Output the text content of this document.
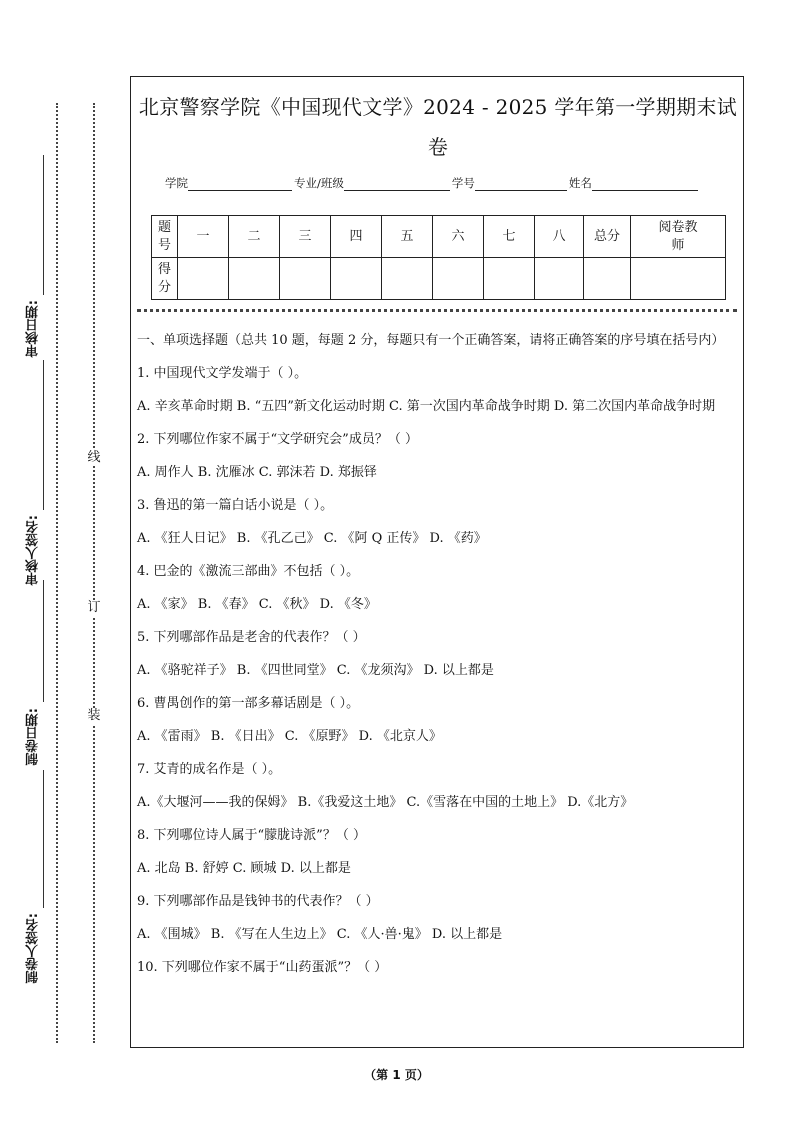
审核日期:
审核人签名:
制卷日期:
制卷人签名:
线
订
装
北京警察学院《中国现代文学》2024 - 2025 学年第一学期期末试卷
学院	专业/班级	学号	姓名
题号	一	二	三	四	五	六	七	八	总分	阅卷教师
得分										

一、单项选择题（总共 10 题，每题 2 分，每题只有一个正确答案，请将正确答案的序号填在括号内）

1. 中国现代文学发端于（ ）。

A. 辛亥革命时期 B. “五四”新文化运动时期 C. 第一次国内革命战争时期 D. 第二次国内革命战争时期

2. 下列哪位作家不属于“文学研究会”成员？（ ）

A. 周作人 B. 沈雁冰 C. 郭沫若 D. 郑振铎

3. 鲁迅的第一篇白话小说是（ ）。

A. 《狂人日记》 B. 《孔乙己》 C. 《阿 Q 正传》 D. 《药》

4. 巴金的《激流三部曲》不包括（ ）。

A. 《家》 B. 《春》 C. 《秋》 D. 《冬》

5. 下列哪部作品是老舍的代表作？（ ）

A. 《骆驼祥子》 B. 《四世同堂》 C. 《龙须沟》 D. 以上都是

6. 曹禺创作的第一部多幕话剧是（ ）。

A. 《雷雨》 B. 《日出》 C. 《原野》 D. 《北京人》

7. 艾青的成名作是（ ）。

A.《大堰河——我的保姆》 B.《我爱这土地》 C.《雪落在中国的土地上》 D.《北方》

8. 下列哪位诗人属于“朦胧诗派”？（ ）

A. 北岛 B. 舒婷 C. 顾城 D. 以上都是

9. 下列哪部作品是钱钟书的代表作？（ ）

A. 《围城》 B. 《写在人生边上》 C. 《人·兽·鬼》 D. 以上都是

10. 下列哪位作家不属于“山药蛋派”？（ ）

（第 1 页）
